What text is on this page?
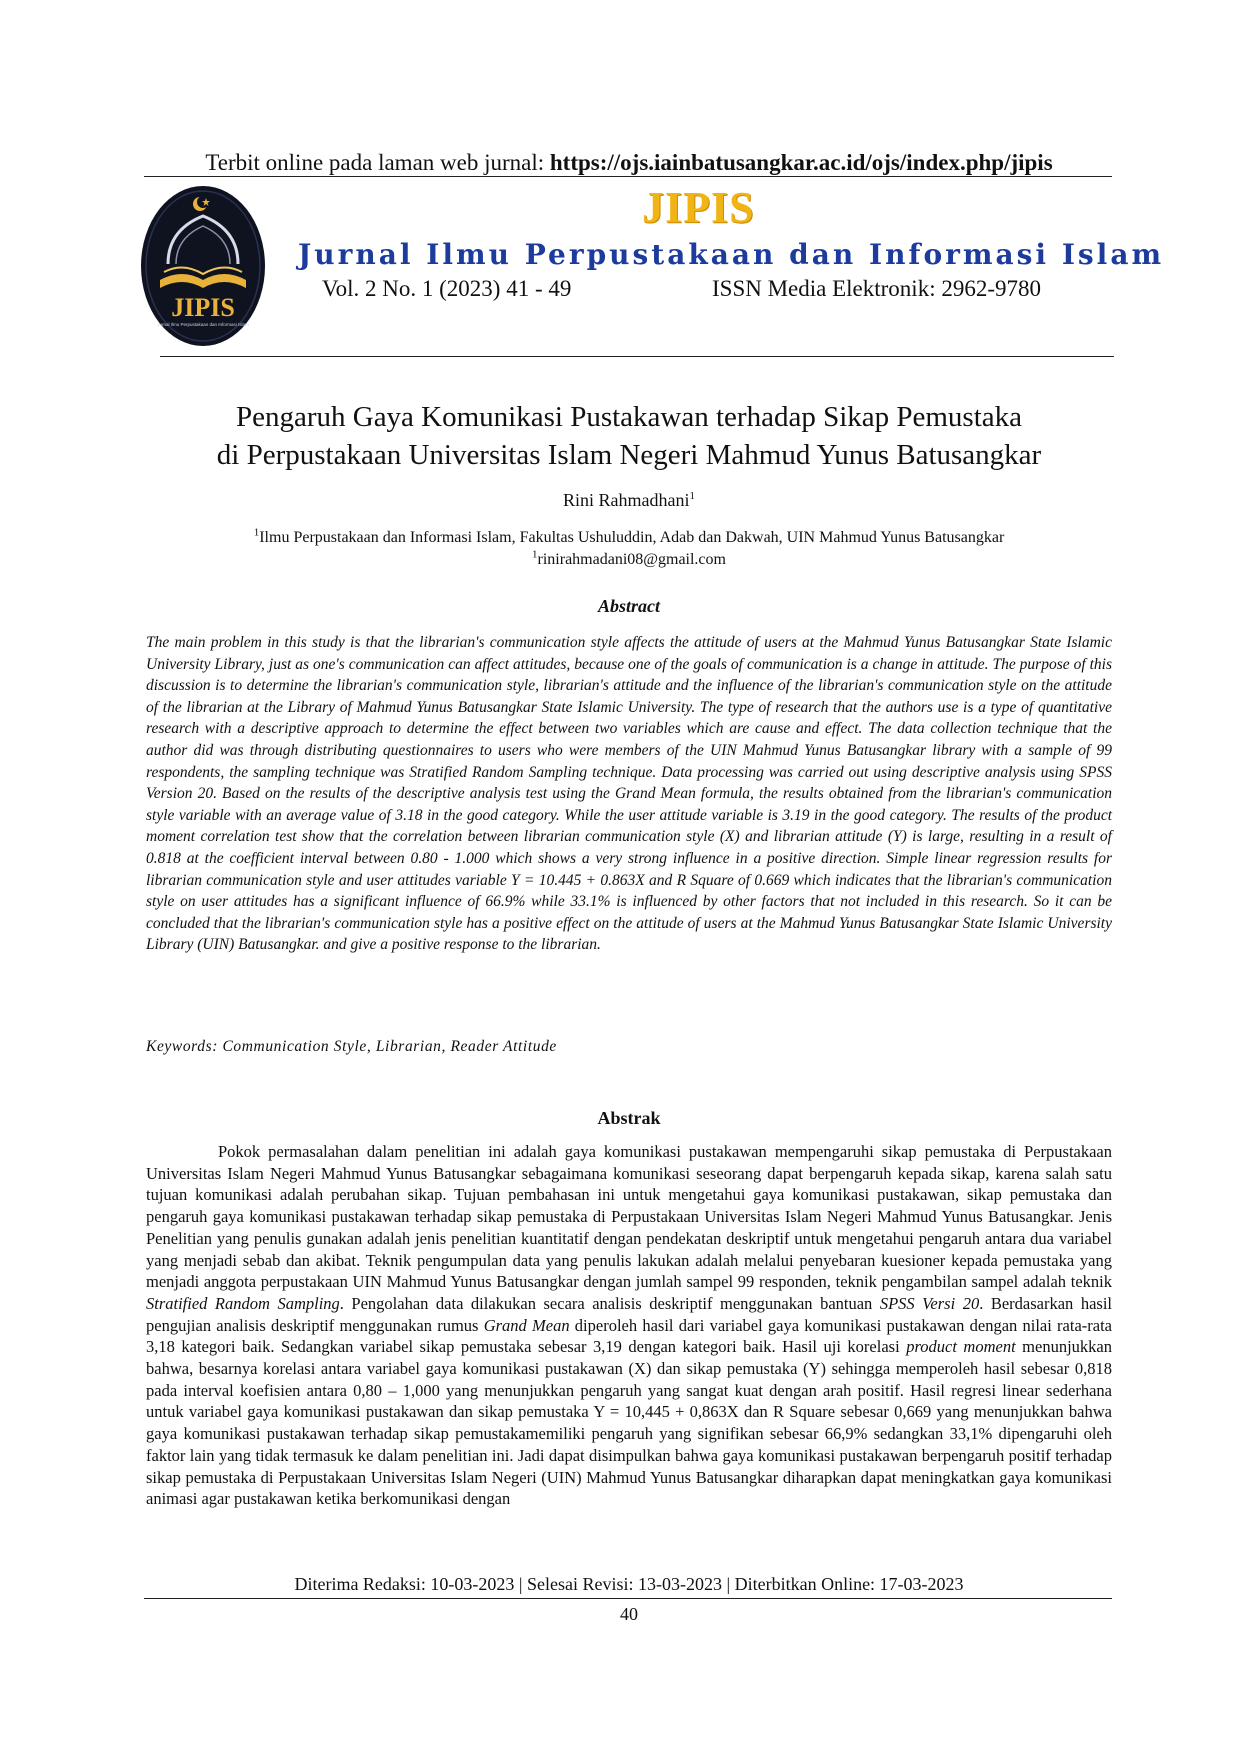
Terbit online pada laman web jurnal: https://ojs.iainbatusangkar.ac.id/ojs/index.php/jipis
JIPIS
Jurnal Ilmu Perpustakaan dan Informasi Islam
JIPIS
Jurnal Ilmu Perpustakaan dan Informasi Islam
Vol. 2 No. 1 (2023) 41 - 49	ISSN Media Elektronik: 2962-9780
Pengaruh Gaya Komunikasi Pustakawan terhadap Sikap Pemustaka
di Perpustakaan Universitas Islam Negeri Mahmud Yunus Batusangkar
Rini Rahmadhani$^1$
$^1$Ilmu Perpustakaan dan Informasi Islam, Fakultas Ushuluddin, Adab dan Dakwah, UIN Mahmud Yunus Batusangkar
$^1$rinirahmadani08@gmail.com
Abstract
The main problem in this study is that the librarian's communication style affects the attitude of users at the Mahmud Yunus Batusangkar State Islamic University Library, just as one's communication can affect attitudes, because one of the goals of communication is a change in attitude. The purpose of this discussion is to determine the librarian's communication style, librarian's attitude and the influence of the librarian's communication style on the attitude of the librarian at the Library of Mahmud Yunus Batusangkar State Islamic University. The type of research that the authors use is a type of quantitative research with a descriptive approach to determine the effect between two variables which are cause and effect. The data collection technique that the author did was through distributing questionnaires to users who were members of the UIN Mahmud Yunus Batusangkar library with a sample of 99 respondents, the sampling technique was Stratified Random Sampling technique. Data processing was carried out using descriptive analysis using SPSS Version 20. Based on the results of the descriptive analysis test using the Grand Mean formula, the results obtained from the librarian's communication style variable with an average value of 3.18 in the good category. While the user attitude variable is 3.19 in the good category. The results of the product moment correlation test show that the correlation between librarian communication style (X) and librarian attitude (Y) is large, resulting in a result of 0.818 at the coefficient interval between 0.80 - 1.000 which shows a very strong influence in a positive direction. Simple linear regression results for librarian communication style and user attitudes variable Y = 10.445 + 0.863X and R Square of 0.669 which indicates that the librarian's communication style on user attitudes has a significant influence of 66.9% while 33.1% is influenced by other factors that not included in this research. So it can be concluded that the librarian's communication style has a positive effect on the attitude of users at the Mahmud Yunus Batusangkar State Islamic University Library (UIN) Batusangkar. and give a positive response to the librarian.
Keywords: Communication Style, Librarian, Reader Attitude
Abstrak
Pokok permasalahan dalam penelitian ini adalah gaya komunikasi pustakawan mempengaruhi sikap pemustaka di Perpustakaan Universitas Islam Negeri Mahmud Yunus Batusangkar sebagaimana komunikasi seseorang dapat berpengaruh kepada sikap, karena salah satu tujuan komunikasi adalah perubahan sikap. Tujuan pembahasan ini untuk mengetahui gaya komunikasi pustakawan, sikap pemustaka dan pengaruh gaya komunikasi pustakawan terhadap sikap pemustaka di Perpustakaan Universitas Islam Negeri Mahmud Yunus Batusangkar. Jenis Penelitian yang penulis gunakan adalah jenis penelitian kuantitatif dengan pendekatan deskriptif untuk mengetahui pengaruh antara dua variabel yang menjadi sebab dan akibat. Teknik pengumpulan data yang penulis lakukan adalah melalui penyebaran kuesioner kepada pemustaka yang menjadi anggota perpustakaan UIN Mahmud Yunus Batusangkar dengan jumlah sampel 99 responden, teknik pengambilan sampel adalah teknik Stratified Random Sampling. Pengolahan data dilakukan secara analisis deskriptif menggunakan bantuan SPSS Versi 20. Berdasarkan hasil pengujian analisis deskriptif menggunakan rumus Grand Mean diperoleh hasil dari variabel gaya komunikasi pustakawan dengan nilai rata-rata 3,18 kategori baik. Sedangkan variabel sikap pemustaka sebesar 3,19 dengan kategori baik. Hasil uji korelasi product moment menunjukkan bahwa, besarnya korelasi antara variabel gaya komunikasi pustakawan (X) dan sikap pemustaka (Y) sehingga memperoleh hasil sebesar 0,818 pada interval koefisien antara 0,80 – 1,000 yang menunjukkan pengaruh yang sangat kuat dengan arah positif. Hasil regresi linear sederhana untuk variabel gaya komunikasi pustakawan dan sikap pemustaka Y = 10,445 + 0,863X dan R Square sebesar 0,669 yang menunjukkan bahwa gaya komunikasi pustakawan terhadap sikap pemustakamemiliki pengaruh yang signifikan sebesar 66,9% sedangkan 33,1% dipengaruhi oleh faktor lain yang tidak termasuk ke dalam penelitian ini. Jadi dapat disimpulkan bahwa gaya komunikasi pustakawan berpengaruh positif terhadap sikap pemustaka di Perpustakaan Universitas Islam Negeri (UIN) Mahmud Yunus Batusangkar diharapkan dapat meningkatkan gaya komunikasi animasi agar pustakawan ketika berkomunikasi dengan
Diterima Redaksi: 10-03-2023 | Selesai Revisi: 13-03-2023 | Diterbitkan Online: 17-03-2023
40
